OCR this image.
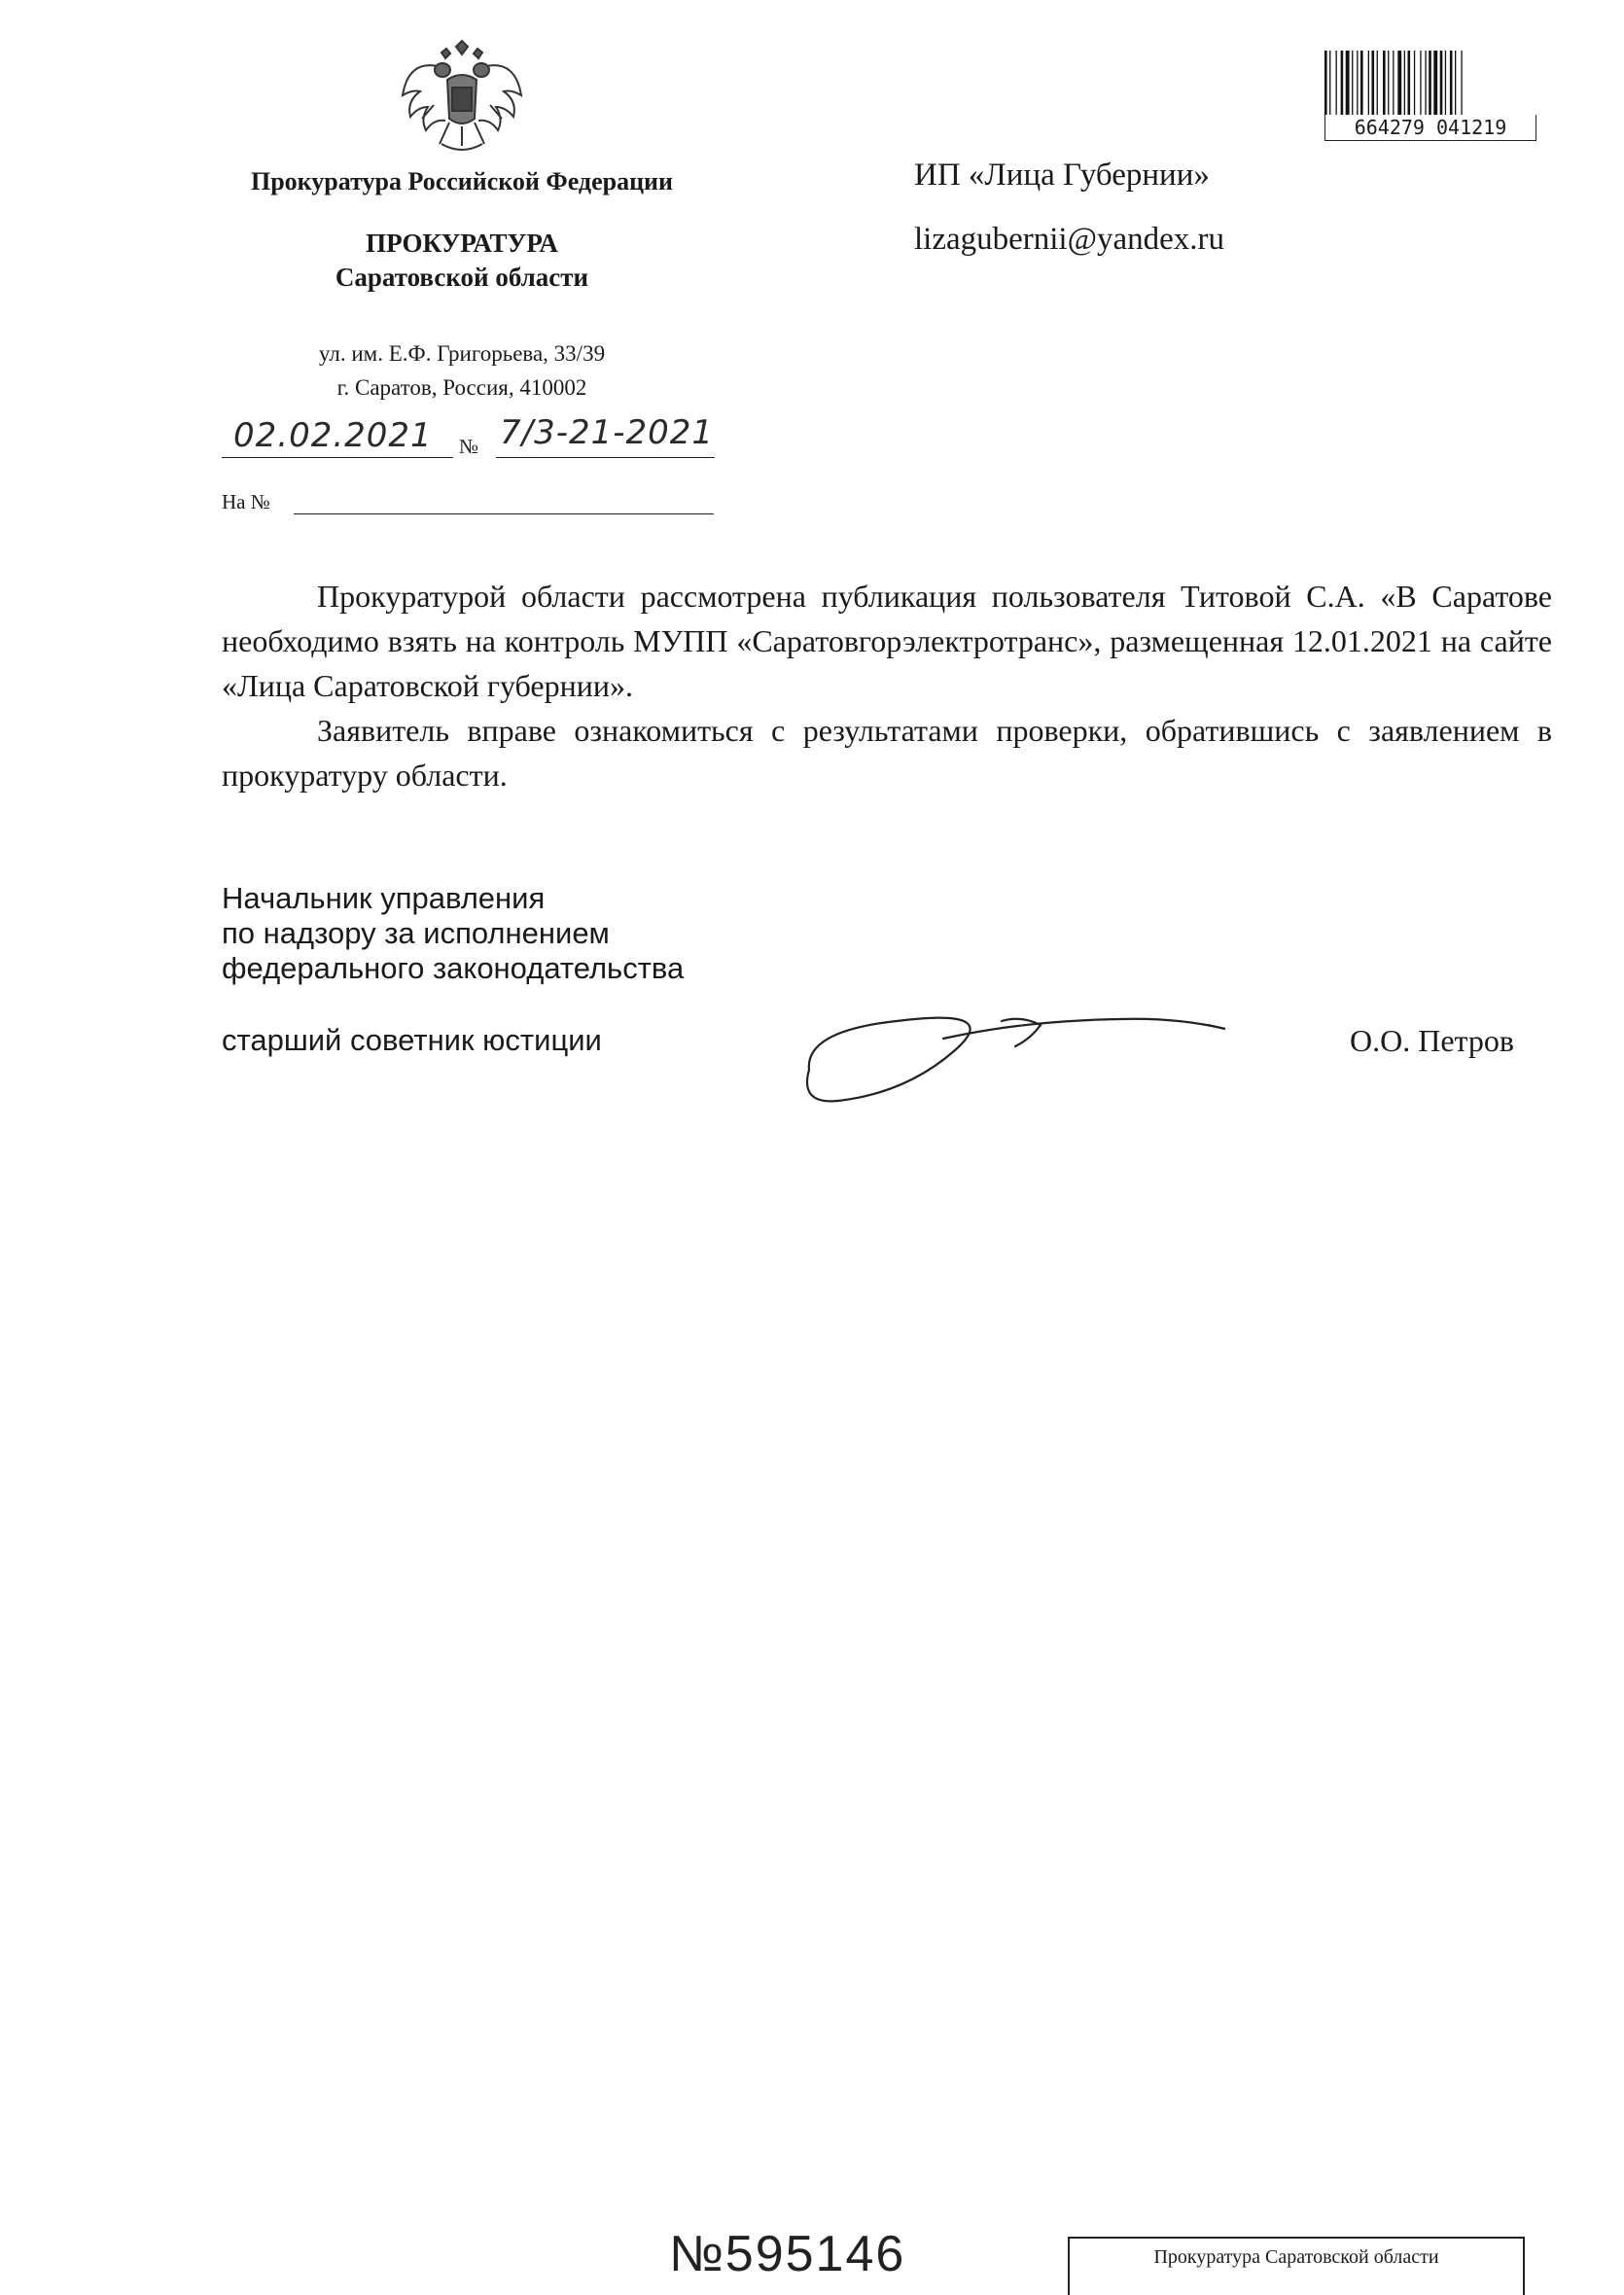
Прокуратура Российской Федерации
ПРОКУРАТУРА
Саратовской области
ул. им. Е.Ф. Григорьева, 33/39
г. Саратов, Россия, 410002
02.02.2021 № 7/3-21-2021
На №
664279 041219
ИП «Лица Губернии»
lizagubernii@yandex.ru

Прокуратурой области рассмотрена публикация пользователя Титовой С.А. «В Саратове необходимо взять на контроль МУПП «Саратовгорэлектротранс», размещенная 12.01.2021 на сайте «Лица Саратовской губернии».

Заявитель вправе ознакомиться с результатами проверки, обратившись с заявлением в прокуратуру области.

Начальник управления
по надзору за исполнением
федерального законодательства
старший советник юстиции	О.О. Петров
№595146	Прокуратура Саратовской области
